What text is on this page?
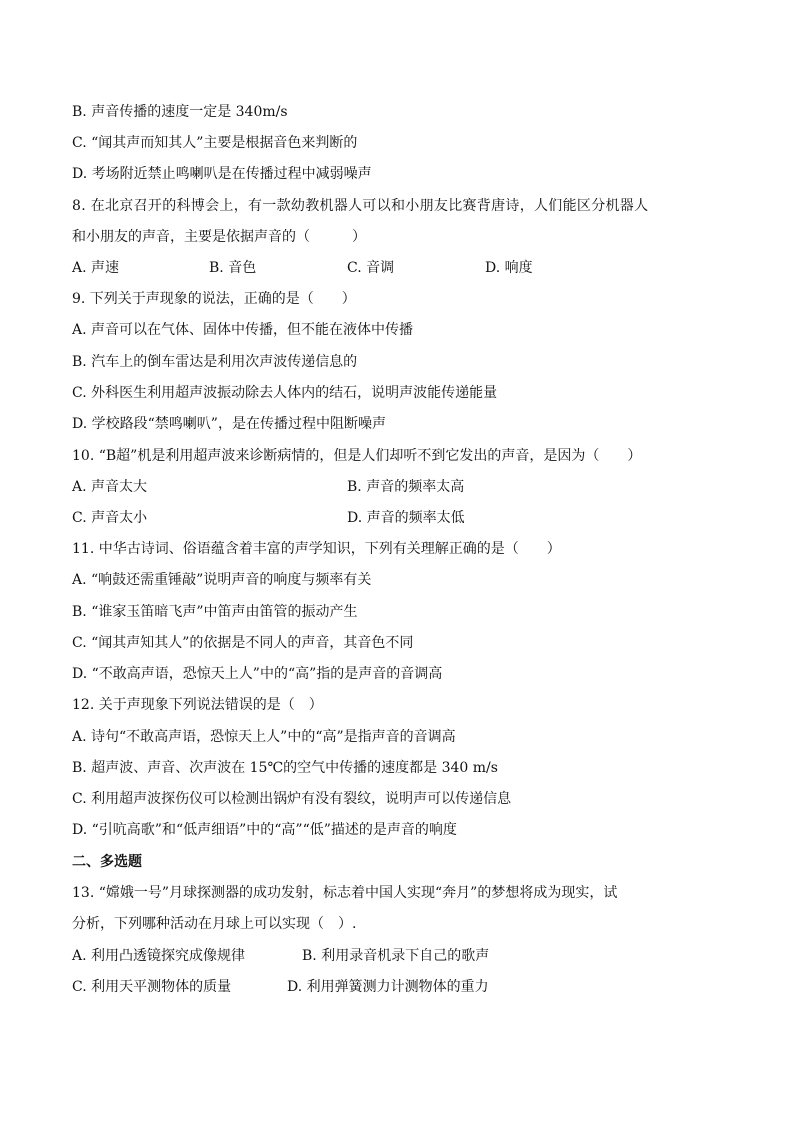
B. 声音传播的速度一定是 340m/s
C. “闻其声而知其人”主要是根据音色来判断的
D. 考场附近禁止鸣喇叭是在传播过程中减弱噪声
8. 在北京召开的科博会上，有一款幼教机器人可以和小朋友比赛背唐诗，人们能区分机器人
和小朋友的声音，主要是依据声音的（　　　）
A. 声速	B. 音色	C. 音调	D. 响度
9. 下列关于声现象的说法，正确的是（　　）
A. 声音可以在气体、固体中传播，但不能在液体中传播
B. 汽车上的倒车雷达是利用次声波传递信息的
C. 外科医生利用超声波振动除去人体内的结石，说明声波能传递能量
D. 学校路段“禁鸣喇叭”，是在传播过程中阻断噪声
10. “B超”机是利用超声波来诊断病情的，但是人们却听不到它发出的声音，是因为（　　）
A. 声音太大	B. 声音的频率太高
C. 声音太小	D. 声音的频率太低
11. 中华古诗词、俗语蕴含着丰富的声学知识，下列有关理解正确的是（　　）
A. “响鼓还需重锤敲”说明声音的响度与频率有关
B. “谁家玉笛暗飞声”中笛声由笛管的振动产生
C. “闻其声知其人”的依据是不同人的声音，其音色不同
D. “不敢高声语，恐惊天上人”中的“高”指的是声音的音调高
12. 关于声现象下列说法错误的是（　）
A. 诗句“不敢高声语，恐惊天上人”中的“高”是指声音的音调高
B. 超声波、声音、次声波在 15℃的空气中传播的速度都是 340 m/s
C. 利用超声波探伤仪可以检测出锅炉有没有裂纹，说明声可以传递信息
D. “引吭高歌”和“低声细语”中的“高”“低”描述的是声音的响度
二、多选题
13. “嫦娥一号”月球探测器的成功发射，标志着中国人实现“奔月”的梦想将成为现实，试
分析，下列哪种活动在月球上可以实现（　）.
A. 利用凸透镜探究成像规律	B. 利用录音机录下自己的歌声
C. 利用天平测物体的质量	D. 利用弹簧测力计测物体的重力
